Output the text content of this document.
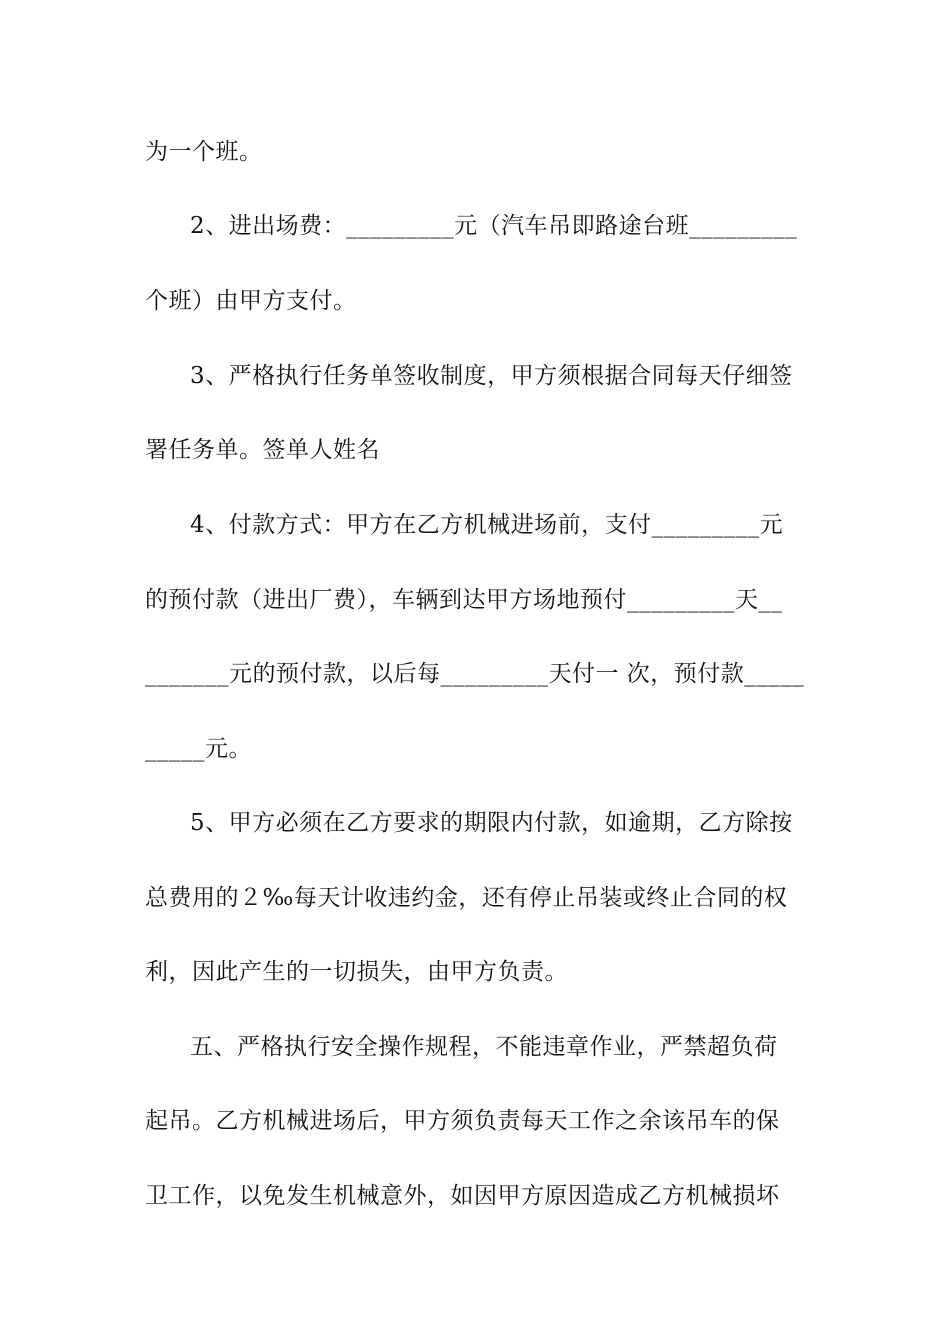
为一个班。
2、进出场费：_________元（汽车吊即路途台班_________
个班）由甲方支付。
3、严格执行任务单签收制度，甲方须根据合同每天仔细签
署任务单。签单人姓名
4、付款方式：甲方在乙方机械进场前，支付_________元
的预付款（进出厂费），车辆到达甲方场地预付_________天__
_______元的预付款，以后每_________天付一 次，预付款_____
_____元。
5、甲方必须在乙方要求的期限内付款，如逾期，乙方除按
总费用的２‰每天计收违约金，还有停止吊装或终止合同的权
利，因此产生的一切损失，由甲方负责。
五、严格执行安全操作规程，不能违章作业，严禁超负荷
起吊。乙方机械进场后，甲方须负责每天工作之余该吊车的保
卫工作，以免发生机械意外，如因甲方原因造成乙方机械损坏
